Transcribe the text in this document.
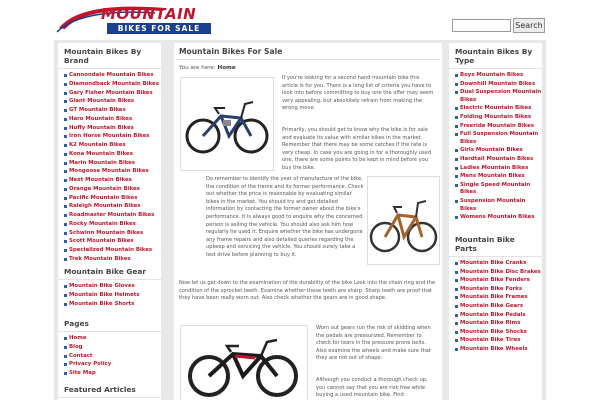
MOUNTAIN
BIKES FOR SALE	Search
Mountain Bikes By Brand
Cannondale Mountain Bikes
Diamondback Mountain Bikes
Gary Fisher Mountain Bikes
Giant Mountain Bikes
GT Mountain Bikes
Haro Mountain Bikes
Huffy Mountain Bikes
Iron Horse Mountain Bikes
K2 Mountain Bikes
Kona Mountain Bikes
Marin Mountain Bikes
Mongoose Mountain Bikes
Next Mountain Bikes
Orange Mountain Bikes
Pacific Mountain Bikes
Raleigh Mountain Bikes
Roadmaster Mountain Bikes
Rocky Mountain Bikes
Schwinn Mountain Bikes
Scott Mountain Bikes
Specialized Mountain Bikes
Trek Mountain Bikes
Mountain Bike Gear
Mountain Bike Gloves
Mountain Bike Helmets
Mountain Bike Shorts
Pages
Home
Blog
Contact
Privacy Policy
Site Map
Featured Articles
Mountain Bikes For Sale
You are here: Home
If you're looking for a second hand mountain bike this article is for you. There is a long list of criteria you have to look into before committing to buy one the offer may seem very appealing, but absolutely refrain from making the wrong move.
Primarily, you should get to know why the bike is for sale and evaluate its value with similar bikes in the market. Remember that there may be some catches if the rate is very cheap. In case you are going in for a thoroughly used one, there are some points to be kept in mind before you buy the bike.
Do remember to identify the year of manufacture of the bike, the condition of the frame and its former performance. Check out whether the price is reasonable by evaluating similar bikes in the market. You should try and get detailed information by contacting the former owner about the bike's performance. It is always good to enquire why the concerned person is selling the vehicle. You should also ask him how regularly he used it. Enquire whether the bike has undergone any frame repairs and also detailed queries regarding the upkeep and servicing the vehicle. You should surely take a test drive before planning to buy it.
Now let us get down to the examination of the durability of the bike Look into the chain ring and the condition of the sprocket teeth. Examine whether these teeth are sharp. Sharp teeth are proof that they have been really worn out. Also check whether the gears are in good shape.
Worn out gears run the risk of skidding when the pedals are pressurized. Remember to check for tears in the pressure prone belts. Also examine the wheels and make sure that they are not out of shape.
Although you conduct a thorough check up, you cannot say that you are risk free while buying a used mountain bike. Find
Mountain Bikes By Type
Boys Mountain Bikes
Downhill Mountain Bikes
Dual Suspension Mountain Bikes
Electric Mountain Bikes
Folding Mountain Bikes
Freeride Mountain Bikes
Full Suspension Mountain Bikes
Girls Mountain Bikes
Hardtail Mountain Bikes
Ladies Mountain Bikes
Mens Mountain Bikes
Single Speed Mountain Bikes
Suspension Mountain Bikes
Womens Mountain Bikes
Mountain Bike Parts
Mountain Bike Cranks
Mountain Bike Disc Brakes
Mountain Bike Fenders
Mountain Bike Forks
Mountain Bike Frames
Mountain Bike Gears
Mountain Bike Pedals
Mountain Bike Rims
Mountain Bike Shocks
Mountain Bike Tires
Mountain Bike Wheels
